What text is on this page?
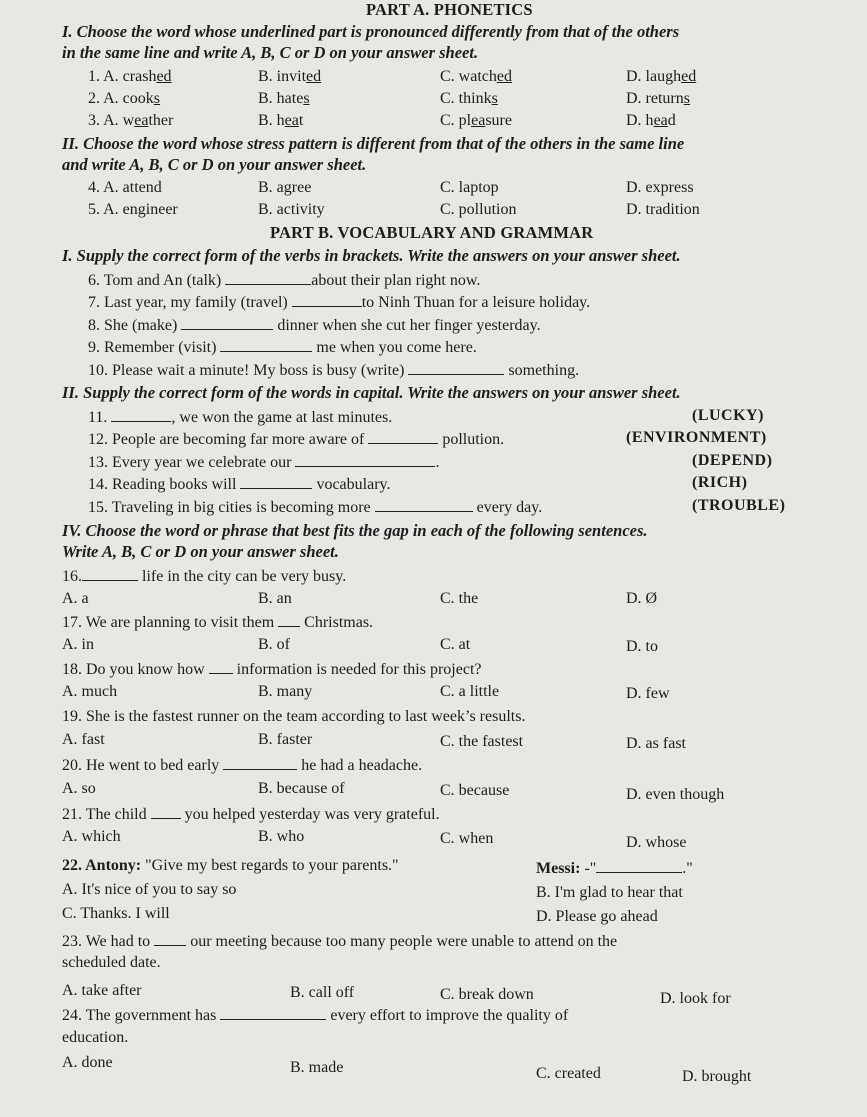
PART A. PHONETICS
I. Choose the word whose underlined part is pronounced differently from that of the others
in the same line and write A, B, C or D on your answer sheet.
1. A. crashed	B. invited	C. watched	D. laughed
2. A. cooks	B. hates	C. thinks	D. returns
3. A. weather	B. heat	C. pleasure	D. head
II. Choose the word whose stress pattern is different from that of the others in the same line
and write A, B, C or D on your answer sheet.
4. A. attend	B. agree	C. laptop	D. express
5. A. engineer	B. activity	C. pollution	D. tradition
PART B. VOCABULARY AND GRAMMAR
I. Supply the correct form of the verbs in brackets. Write the answers on your answer sheet.
6. Tom and An (talk)	about their plan right now.
7. Last year, my family (travel)	to Ninh Thuan for a leisure holiday.
8. She (make)	dinner when she cut her finger yesterday.
9. Remember (visit)	me when you come here.
10. Please wait a minute! My boss is busy (write)	something.
II. Supply the correct form of the words in capital. Write the answers on your answer sheet.
11.	, we won the game at last minutes.	(LUCKY)
12. People are becoming far more aware of	pollution.	(ENVIRONMENT)
13. Every year we celebrate our	.	(DEPEND)
14. Reading books will	vocabulary.	(RICH)
15. Traveling in big cities is becoming more	every day.	(TROUBLE)
IV. Choose the word or phrase that best fits the gap in each of the following sentences.
Write A, B, C or D on your answer sheet.
16.	life in the city can be very busy.
A. a	B. an	C. the	D. Ø
17. We are planning to visit them Christmas.
A. in	B. of	C. at	D. to
18. Do you know how information is needed for this project?
A. much	B. many	C. a little	D. few
19. She is the fastest runner on the team according to last week’s results.
A. fast	B. faster	C. the fastest	D. as fast
20. He went to bed early	he had a headache.
A. so	B. because of	C. because	D. even though
21. The child you helped yesterday was very grateful.
A. which	B. who	C. when	D. whose
22. Antony: "Give my best regards to your parents."	Messi: -"	."
A. It's nice of you to say so	B. I'm glad to hear that
C. Thanks. I will	D. Please go ahead
23. We had to	our meeting because too many people were unable to attend on the
scheduled date.
A. take after	B. call off	C. break down	D. look for
24. The government has	every effort to improve the quality of
education.
A. done	B. made	C. created	D. brought
